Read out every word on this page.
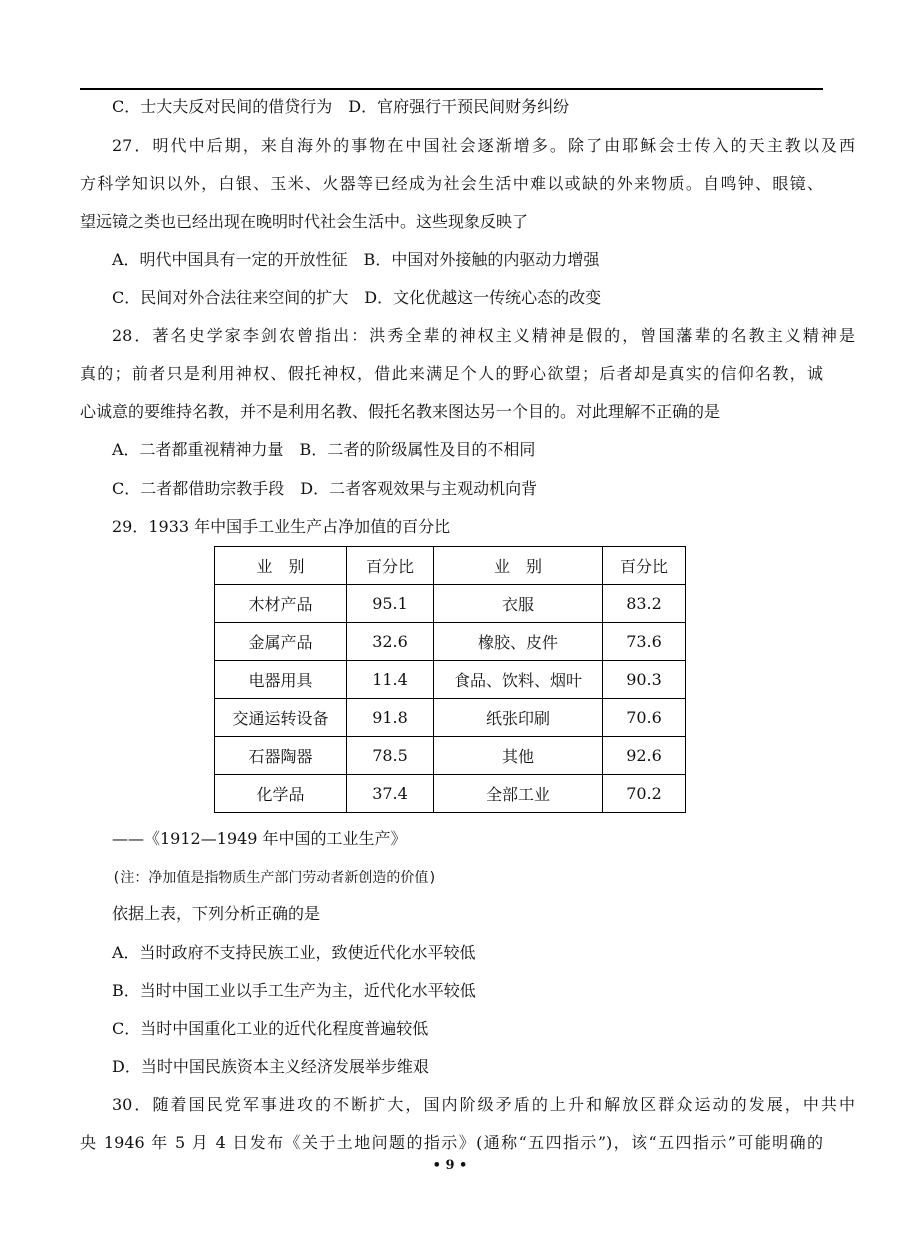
C．士大夫反对民间的借贷行为　D．官府强行干预民间财务纠纷
27．明代中后期，来自海外的事物在中国社会逐渐增多。除了由耶稣会士传入的天主教以及西
方科学知识以外，白银、玉米、火器等已经成为社会生活中难以或缺的外来物质。自鸣钟、眼镜、
望远镜之类也已经出现在晚明时代社会生活中。这些现象反映了
A．明代中国具有一定的开放性征　B．中国对外接触的内驱动力增强
C．民间对外合法往来空间的扩大　D．文化优越这一传统心态的改变
28．著名史学家李剑农曾指出：洪秀全辈的神权主义精神是假的，曾国藩辈的名教主义精神是
真的；前者只是利用神权、假托神权，借此来满足个人的野心欲望；后者却是真实的信仰名教，诚
心诚意的要维持名教，并不是利用名教、假托名教来图达另一个目的。对此理解不正确的是
A．二者都重视精神力量　B．二者的阶级属性及目的不相同
C．二者都借助宗教手段　D．二者客观效果与主观动机向背
29．1933 年中国手工业生产占净加值的百分比
业　别	百分比	业　别	百分比
木材产品	95.1	衣服	83.2
金属产品	32.6	橡胶、皮件	73.6
电器用具	11.4	食品、饮料、烟叶	90.3
交通运转设备	91.8	纸张印刷	70.6
石器陶器	78.5	其他	92.6
化学品	37.4	全部工业	70.2
——《1912—1949 年中国的工业生产》
(注：净加值是指物质生产部门劳动者新创造的价值)
依据上表，下列分析正确的是
A．当时政府不支持民族工业，致使近代化水平较低
B．当时中国工业以手工生产为主，近代化水平较低
C．当时中国重化工业的近代化程度普遍较低
D．当时中国民族资本主义经济发展举步维艰
30．随着国民党军事进攻的不断扩大，国内阶级矛盾的上升和解放区群众运动的发展，中共中
央 1946 年 5 月 4 日发布《关于土地问题的指示》(通称“五四指示”)，该“五四指示”可能明确的
• 9 •
